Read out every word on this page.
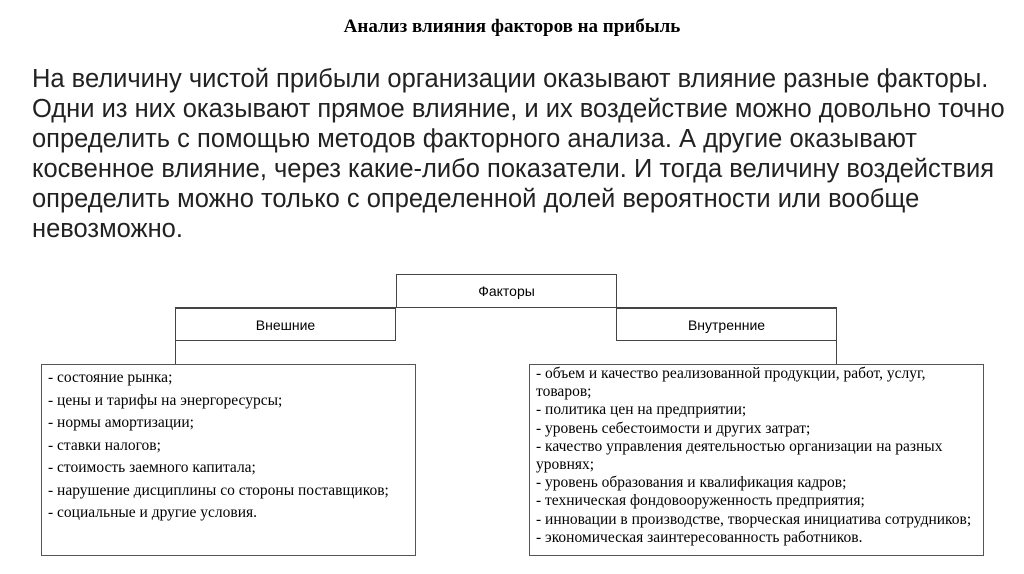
Анализ влияния факторов на прибыль
На величину чистой прибыли организации оказывают влияние разные факторы. Одни из них оказывают прямое влияние, и их воздействие можно довольно точно определить с помощью методов факторного анализа. А другие оказывают косвенное влияние, через какие-либо показатели. И тогда величину воздействия определить можно только с определенной долей вероятности или вообще невозможно.
Факторы
Внешние	Внутренние
- состояние рынка;
- цены и тарифы на энергоресурсы;
- нормы амортизации;
- ставки налогов;
- стоимость заемного капитала;
- нарушение дисциплины со стороны поставщиков;
- социальные и другие условия.
- объем и качество реализованной продукции, работ, услуг, товаров;
- политика цен на предприятии;
- уровень себестоимости и других затрат;
- качество управления деятельностью организации на разных уровнях;
- уровень образования и квалификация кадров;
- техническая фондовооруженность предприятия;
- инновации в производстве, творческая инициатива сотрудников;
- экономическая заинтересованность работников.
